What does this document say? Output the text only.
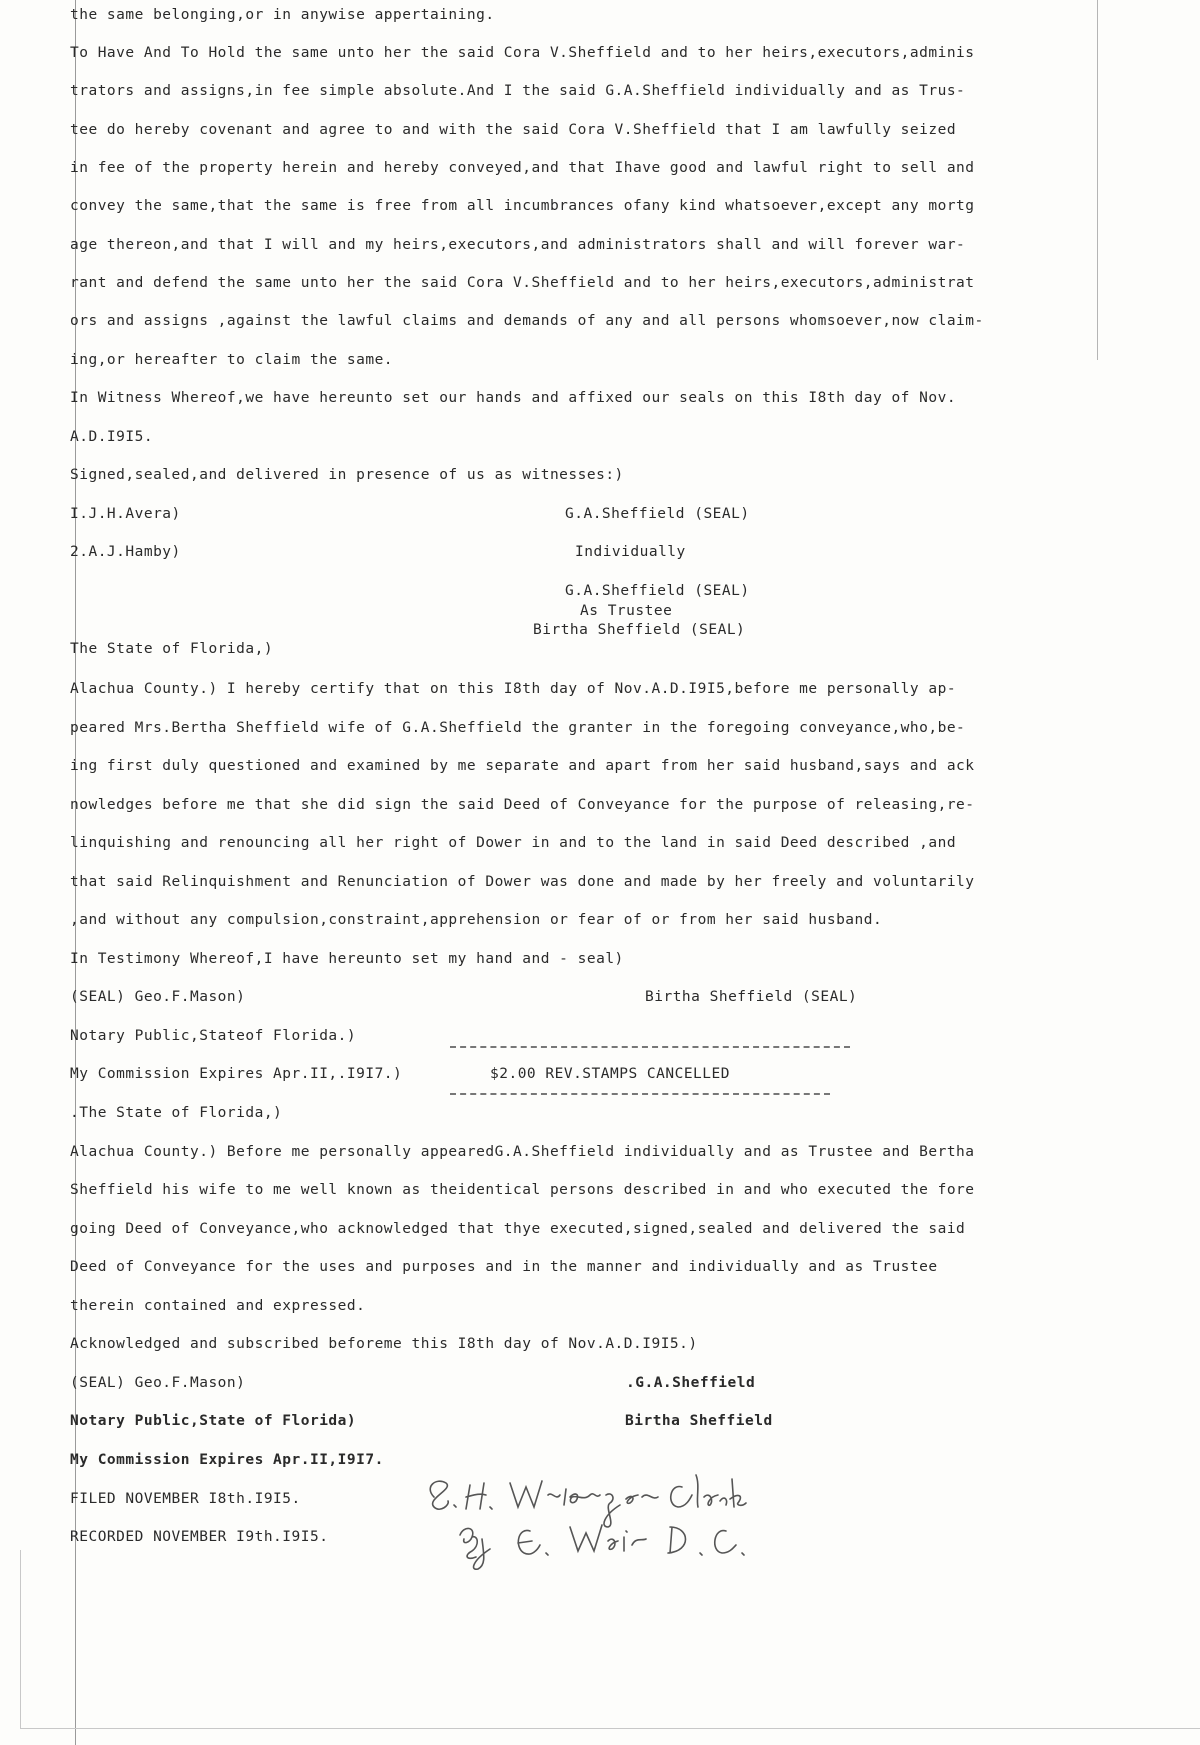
the same belonging,or in anywise appertaining.
To Have And To Hold the same unto her the said Cora V.Sheffield and to her heirs,executors,adminis
trators and assigns,in fee simple absolute.And I the said G.A.Sheffield individually and as Trus-
tee do hereby covenant and agree to and with the said Cora V.Sheffield that I am lawfully seized
in fee of the property herein and hereby conveyed,and that Ihave good and lawful right to sell and
convey the same,that the same is free from all incumbrances ofany kind whatsoever,except any mortg
age thereon,and that I will and my heirs,executors,and administrators shall and will forever war-
rant and defend the same unto her the said Cora V.Sheffield and to her heirs,executors,administrat
ors and assigns ,against the lawful claims and demands of any and all persons whomsoever,now claim-
ing,or hereafter to claim the same.
In Witness Whereof,we have hereunto set our hands and affixed our seals on this I8th day of Nov.
A.D.I9I5.
Signed,sealed,and delivered in presence of us as witnesses:)
I.J.H.Avera)	G.A.Sheffield (SEAL)
2.A.J.Hamby)	Individually
G.A.Sheffield (SEAL)
As Trustee
Birtha Sheffield (SEAL)
The State of Florida,)
Alachua County.) I hereby certify that on this I8th day of Nov.A.D.I9I5,before me personally ap-
peared Mrs.Bertha Sheffield wife of G.A.Sheffield the granter in the foregoing conveyance,who,be-
ing first duly questioned and examined by me separate and apart from her said husband,says and ack
nowledges before me that she did sign the said Deed of Conveyance for the purpose of releasing,re-
linquishing and renouncing all her right of Dower in and to the land in said Deed described ,and
that said Relinquishment and Renunciation of Dower was done and made by her freely and voluntarily
,and without any compulsion,constraint,apprehension or fear of or from her said husband.
In Testimony Whereof,I have hereunto set my hand and - seal)
(SEAL) Geo.F.Mason)	Birtha Sheffield (SEAL)
Notary Public,Stateof Florida.)
My Commission Expires Apr.II,.I9I7.)	$2.00 REV.STAMPS CANCELLED
.The State of Florida,)
Alachua County.) Before me personally appearedG.A.Sheffield individually and as Trustee and Bertha
Sheffield his wife to me well known as theidentical persons described in and who executed the fore
going Deed of Conveyance,who acknowledged that thye executed,signed,sealed and delivered the said
Deed of Conveyance for the uses and purposes and in the manner and individually and as Trustee
therein contained and expressed.
Acknowledged and subscribed beforeme this I8th day of Nov.A.D.I9I5.)
(SEAL) Geo.F.Mason)	.G.A.Sheffield
Notary Public,State of Florida)	Birtha Sheffield
My Commission Expires Apr.II,I9I7.
FILED NOVEMBER I8th.I9I5.
RECORDED NOVEMBER I9th.I9I5.
S. H. Wienges Clerk
